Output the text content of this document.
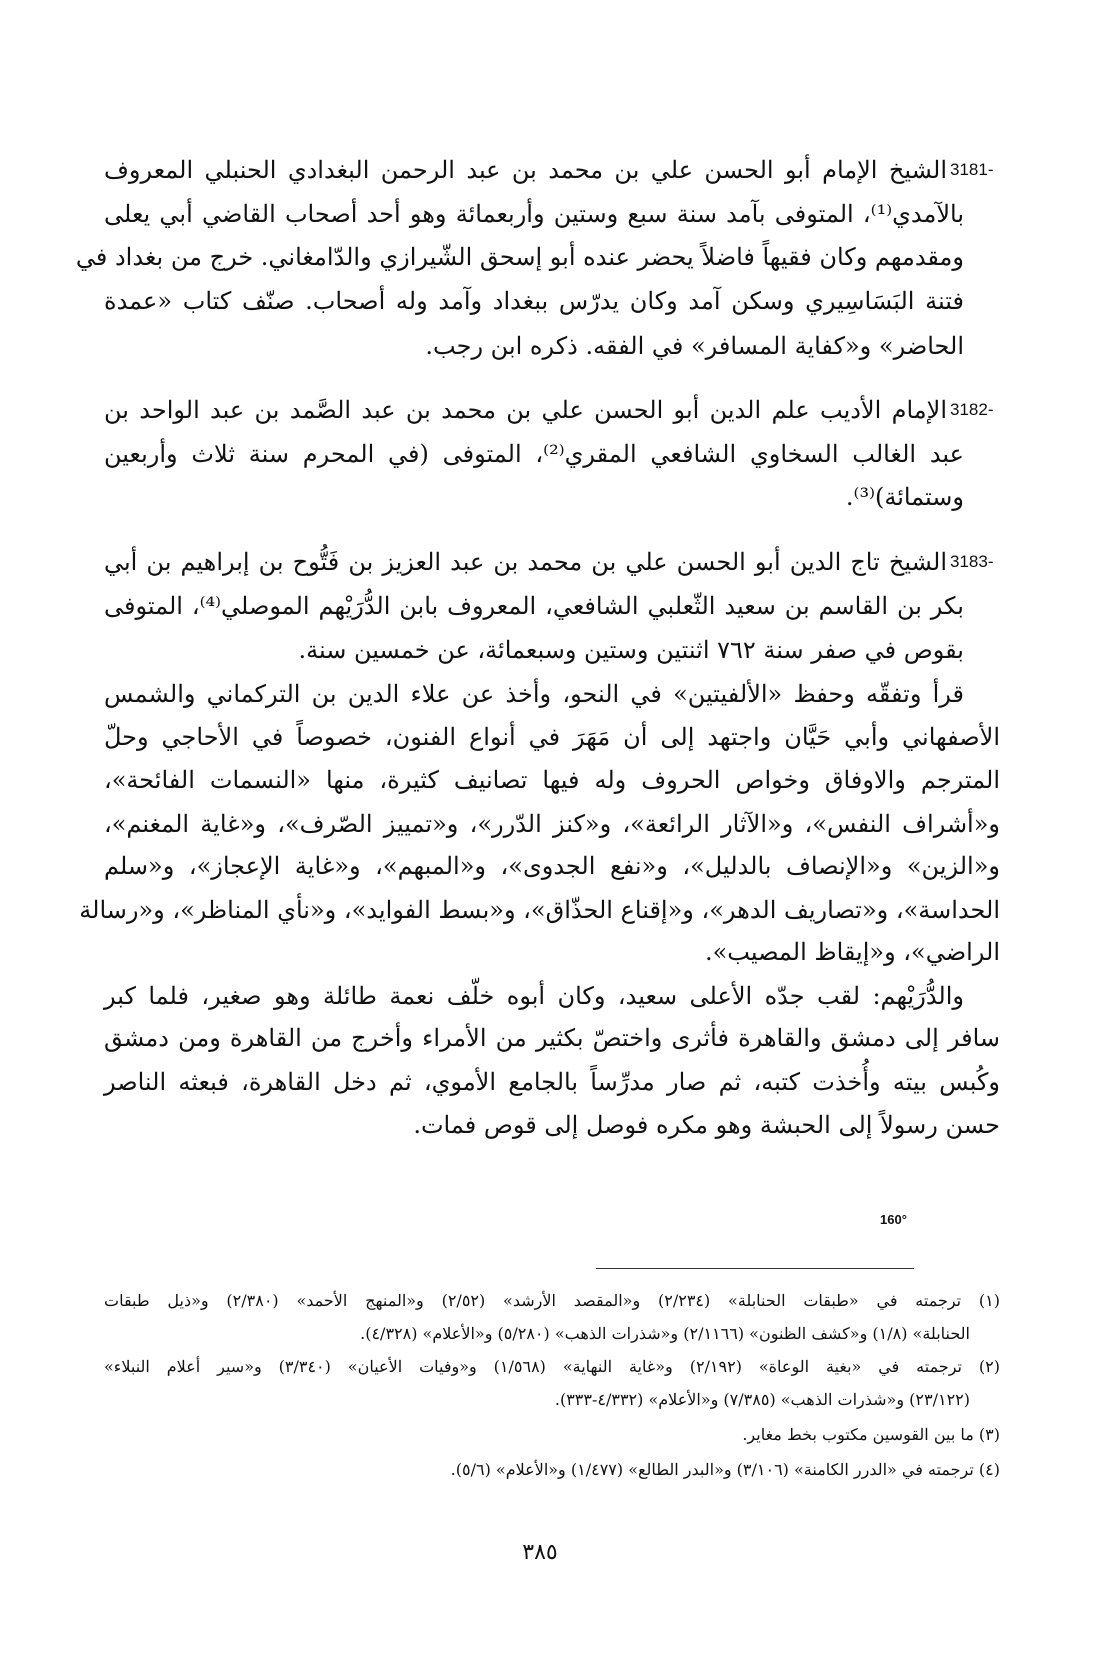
3181-
الشيخ الإمام أبو الحسن علي بن محمد بن عبد الرحمن البغدادي الحنبلي المعروف
بالآمدي⁽¹⁾، المتوفى بآمد سنة سبع وستين وأربعمائة وهو أحد أصحاب القاضي أبي يعلى
ومقدمهم وكان فقيهاً فاضلاً يحضر عنده أبو إسحق الشّيرازي والدّامغاني. خرج من بغداد في
فتنة البَسَاسِيري وسكن آمد وكان يدرّس ببغداد وآمد وله أصحاب. صنّف كتاب «عمدة
الحاضر» و«كفاية المسافر» في الفقه. ذكره ابن رجب.
3182-
الإمام الأديب علم الدين أبو الحسن علي بن محمد بن عبد الصَّمد بن عبد الواحد بن
عبد الغالب السخاوي الشافعي المقري⁽²⁾، المتوفى (في المحرم سنة ثلاث وأربعين
وستمائة)⁽³⁾.
3183-
الشيخ تاج الدين أبو الحسن علي بن محمد بن عبد العزيز بن فَتُّوح بن إبراهيم بن أبي
بكر بن القاسم بن سعيد الثّعلبي الشافعي، المعروف بابن الدُّرَيْهم الموصلي⁽⁴⁾، المتوفى
بقوص في صفر سنة ٧٦٢ اثنتين وستين وسبعمائة، عن خمسين سنة.
قرأ وتفقّه وحفظ «الألفيتين» في النحو، وأخذ عن علاء الدين بن التركماني والشمس
الأصفهاني وأبي حَيَّان واجتهد إلى أن مَهَرَ في أنواع الفنون، خصوصاً في الأحاجي وحلّ
المترجم والاوفاق وخواص الحروف وله فيها تصانيف كثيرة، منها «النسمات الفائحة»،
و«أشراف النفس»، و«الآثار الرائعة»، و«كنز الدّرر»، و«تمييز الصّرف»، و«غاية المغنم»،
و«الزين» و«الإنصاف بالدليل»، و«نفع الجدوى»، و«المبهم»، و«غاية الإعجاز»، و«سلم
الحداسة»، و«تصاريف الدهر»، و«إقناع الحذّاق»، و«بسط الفوايد»، و«نأي المناظر»، و«رسالة
الراضي»، و«إيقاظ المصيب».
والدُّرَيْهم: لقب جدّه الأعلى سعيد، وكان أبوه خلّف نعمة طائلة وهو صغير، فلما كبر
سافر إلى دمشق والقاهرة فأثرى واختصّ بكثير من الأمراء وأخرج من القاهرة ومن دمشق
وكُبس بيته وأُخذت كتبه، ثم صار مدرِّساً بالجامع الأموي، ثم دخل القاهرة، فبعثه الناصر
حسن رسولاً إلى الحبشة وهو مكره فوصل إلى قوص فمات.
160°
(١) ترجمته في «طبقات الحنابلة» (٢/٢٣٤) و«المقصد الأرشد» (٢/٥٢) و«المنهج الأحمد» (٢/٣٨٠) و«ذيل طبقات
الحنابلة» (١/٨) و«كشف الظنون» (٢/١١٦٦) و«شذرات الذهب» (٥/٢٨٠) و«الأعلام» (٤/٣٢٨).
(٢) ترجمته في «بغية الوعاة» (٢/١٩٢) و«غاية النهاية» (١/٥٦٨) و«وفيات الأعيان» (٣/٣٤٠) و«سير أعلام النبلاء»
(٢٣/١٢٢) و«شذرات الذهب» (٧/٣٨٥) و«الأعلام» (٤/٣٣٢-٣٣٣).
(٣) ما بين القوسين مكتوب بخط مغاير.
(٤) ترجمته في «الدرر الكامنة» (٣/١٠٦) و«البدر الطالع» (١/٤٧٧) و«الأعلام» (٥/٦).
٣٨٥
